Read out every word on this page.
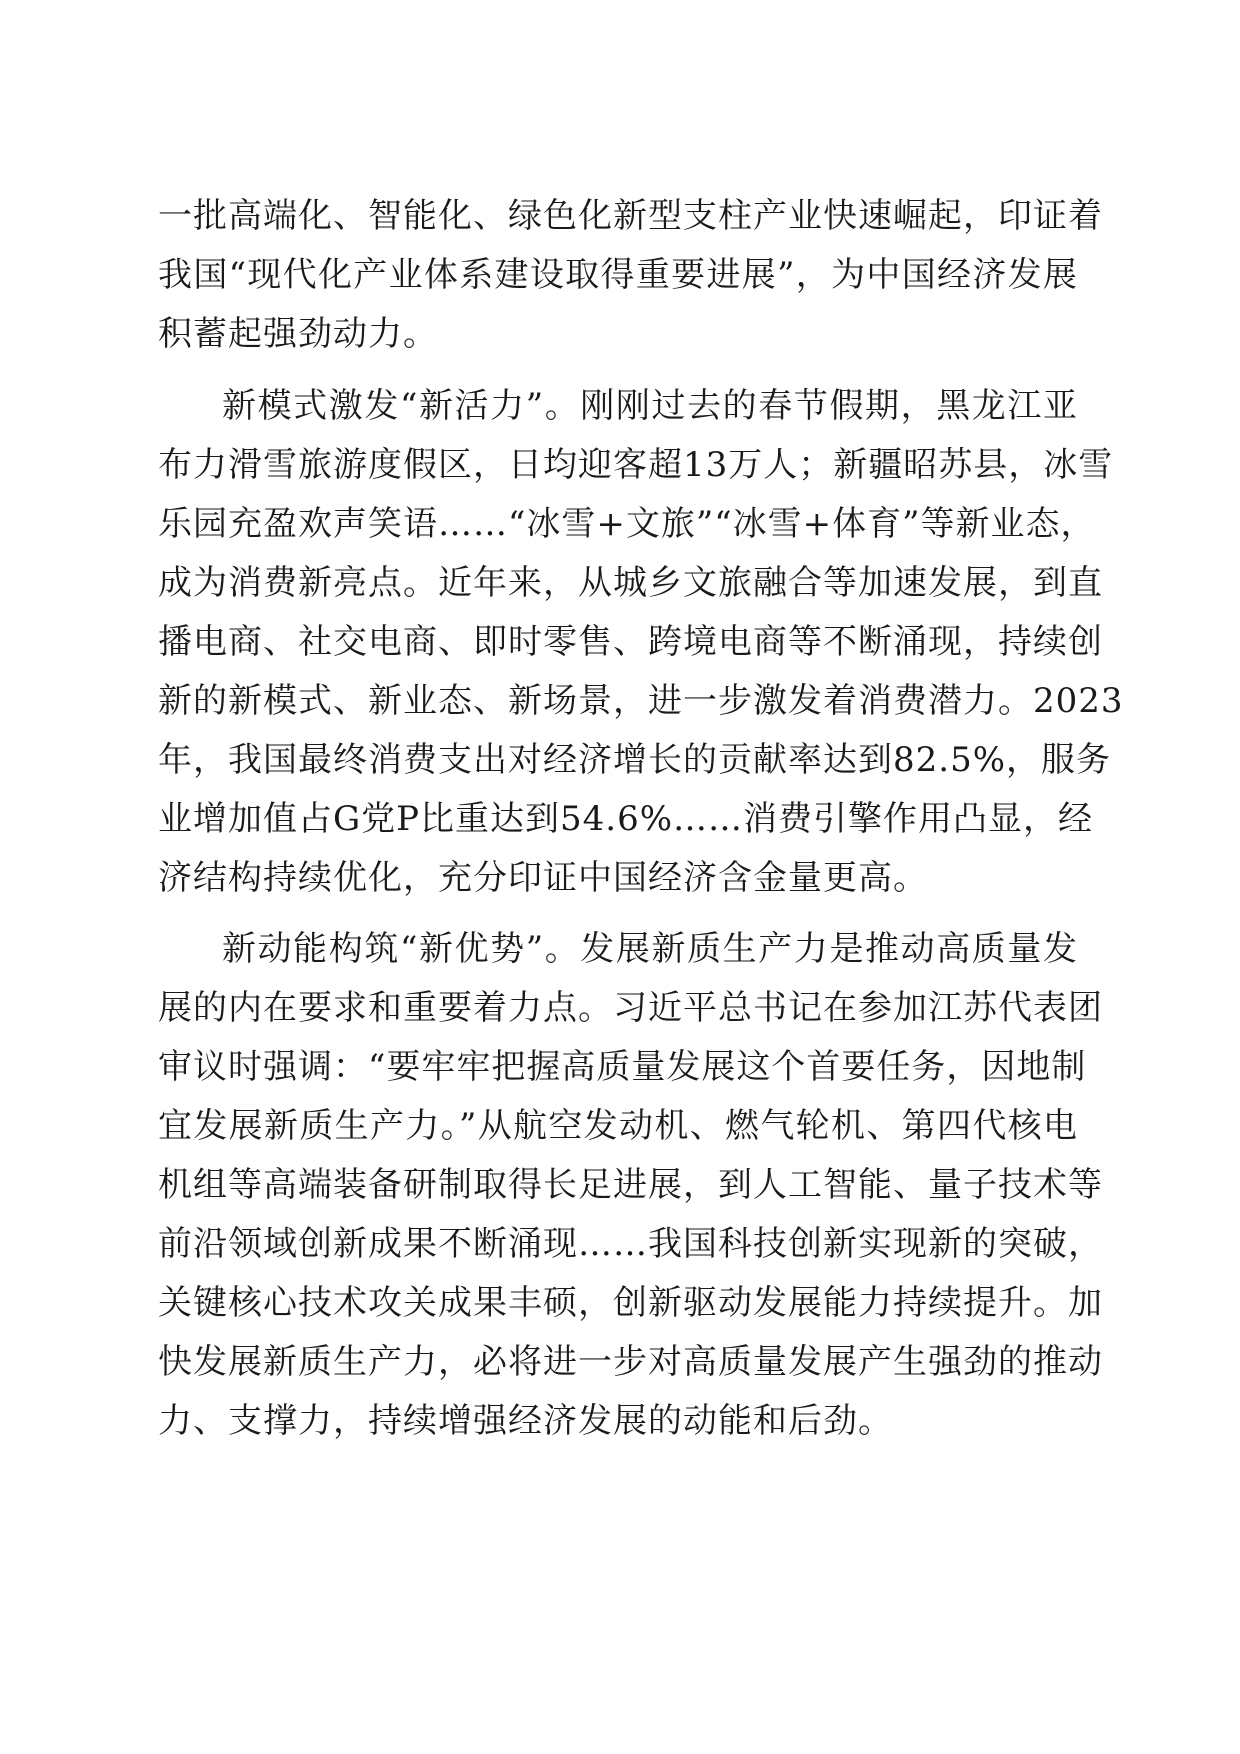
一批高端化、智能化、绿色化新型支柱产业快速崛起，印证着
我国“现代化产业体系建设取得重要进展”，为中国经济发展
积蓄起强劲动力。
新模式激发“新活力”。刚刚过去的春节假期，黑龙江亚
布力滑雪旅游度假区，日均迎客超13万人；新疆昭苏县，冰雪
乐园充盈欢声笑语……“冰雪+文旅”“冰雪+体育”等新业态，
成为消费新亮点。近年来，从城乡文旅融合等加速发展，到直
播电商、社交电商、即时零售、跨境电商等不断涌现，持续创
新的新模式、新业态、新场景，进一步激发着消费潜力。2023
年，我国最终消费支出对经济增长的贡献率达到82.5%，服务
业增加值占G党P比重达到54.6%……消费引擎作用凸显，经
济结构持续优化，充分印证中国经济含金量更高。
新动能构筑“新优势”。发展新质生产力是推动高质量发
展的内在要求和重要着力点。习近平总书记在参加江苏代表团
审议时强调：“要牢牢把握高质量发展这个首要任务，因地制
宜发展新质生产力。”从航空发动机、燃气轮机、第四代核电
机组等高端装备研制取得长足进展，到人工智能、量子技术等
前沿领域创新成果不断涌现……我国科技创新实现新的突破，
关键核心技术攻关成果丰硕，创新驱动发展能力持续提升。加
快发展新质生产力，必将进一步对高质量发展产生强劲的推动
力、支撑力，持续增强经济发展的动能和后劲。
